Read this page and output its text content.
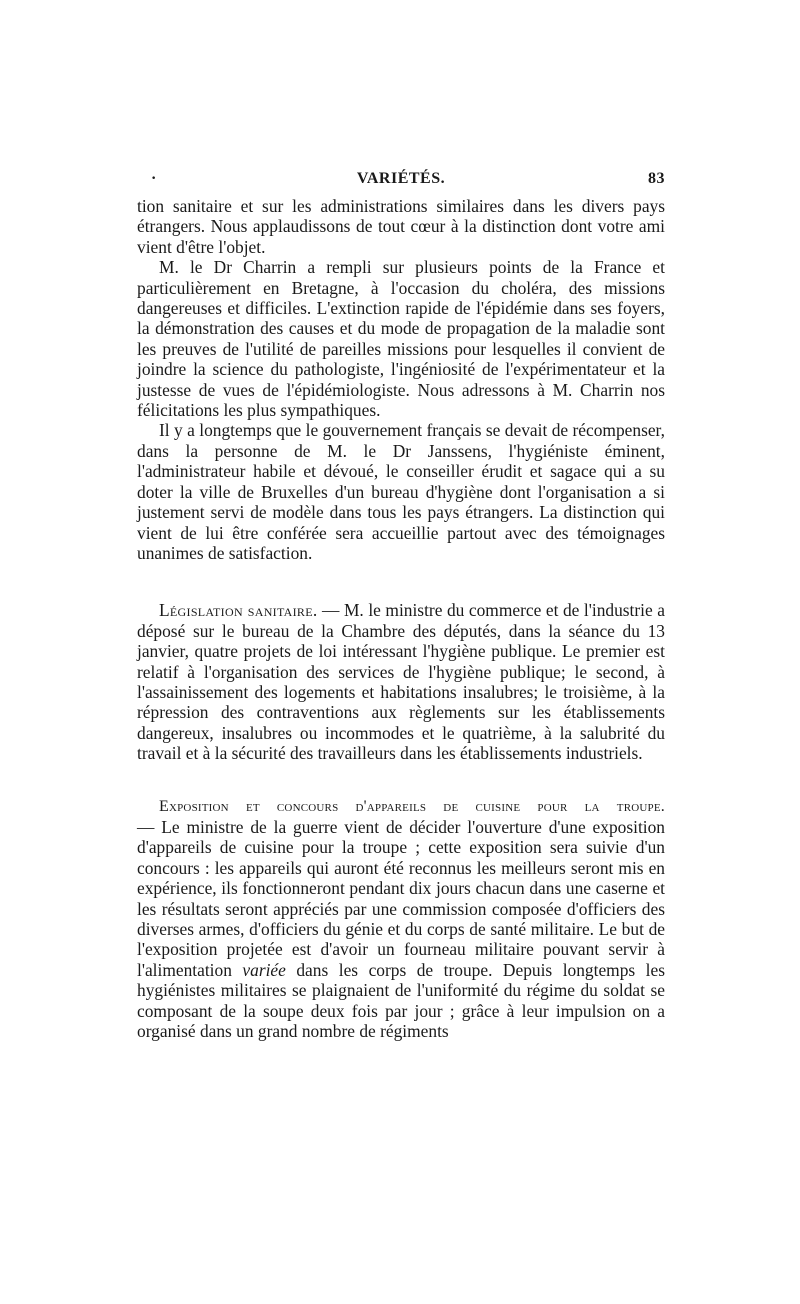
·	VARIÉTÉS.	83

tion sanitaire et sur les administrations similaires dans les divers pays étrangers. Nous applaudissons de tout cœur à la distinction dont votre ami vient d'être l'objet.

M. le Dr Charrin a rempli sur plusieurs points de la France et particulièrement en Bretagne, à l'occasion du choléra, des missions dangereuses et difficiles. L'extinction rapide de l'épidémie dans ses foyers, la démonstration des causes et du mode de propagation de la maladie sont les preuves de l'utilité de pareilles missions pour lesquelles il convient de joindre la science du pathologiste, l'ingéniosité de l'expérimentateur et la justesse de vues de l'épidémiologiste. Nous adressons à M. Charrin nos félicitations les plus sympathiques.

Il y a longtemps que le gouvernement français se devait de récompenser, dans la personne de M. le Dr Janssens, l'hygiéniste éminent, l'administrateur habile et dévoué, le conseiller érudit et sagace qui a su doter la ville de Bruxelles d'un bureau d'hygiène dont l'organisation a si justement servi de modèle dans tous les pays étrangers. La distinction qui vient de lui être conférée sera accueillie partout avec des témoignages unanimes de satisfaction.

Législation sanitaire. — M. le ministre du commerce et de l'industrie a déposé sur le bureau de la Chambre des députés, dans la séance du 13 janvier, quatre projets de loi intéressant l'hygiène publique. Le premier est relatif à l'organisation des services de l'hygiène publique; le second, à l'assainissement des logements et habitations insalubres; le troisième, à la répression des contraventions aux règlements sur les établissements dangereux, insalubres ou incommodes et le quatrième, à la salubrité du travail et à la sécurité des travailleurs dans les établissements industriels.

Exposition et concours d'appareils de cuisine pour la troupe.

— Le ministre de la guerre vient de décider l'ouverture d'une exposition d'appareils de cuisine pour la troupe ; cette exposition sera suivie d'un concours : les appareils qui auront été reconnus les meilleurs seront mis en expérience, ils fonctionneront pendant dix jours chacun dans une caserne et les résultats seront appréciés par une commission composée d'officiers des diverses armes, d'officiers du génie et du corps de santé militaire. Le but de l'exposition projetée est d'avoir un fourneau militaire pouvant servir à l'alimentation variée dans les corps de troupe. Depuis longtemps les hygiénistes militaires se plaignaient de l'uniformité du régime du soldat se composant de la soupe deux fois par jour ; grâce à leur impulsion on a organisé dans un grand nombre de régiments
